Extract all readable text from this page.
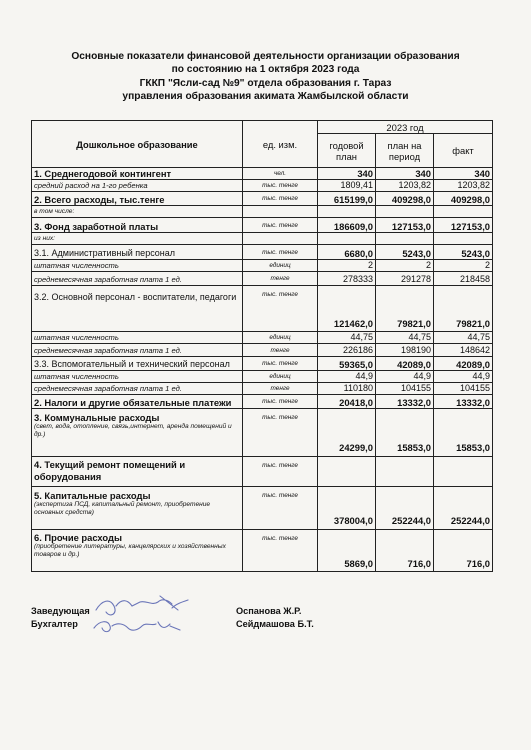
Основные показатели финансовой деятельности организации образования
по состоянию на 1 октября 2023 года
ГККП "Ясли-сад №9" отдела образования г. Тараз
управления образования акимата Жамбылской области
Дошкольное образование	ед. изм.	2023 год		
		годовой план	план на период	факт
1. Среднегодовой контингент	чел.	340	340	340
средний расход на 1-го ребенка	тыс. тенге	1809,41	1203,82	1203,82
2. Всего расходы, тыс.тенге	тыс. тенге	615199,0	409298,0	409298,0
в том числе:				
3. Фонд заработной платы	тыс. тенге	186609,0	127153,0	127153,0
из них:				
3.1. Административный персонал	тыс. тенге	6680,0	5243,0	5243,0
штатная численность	единиц	2	2	2
среднемесячная заработная плата 1 ед.	тенге	278333	291278	218458
3.2. Основной персонал - воспитатели, педагоги	тыс. тенге	121462,0	79821,0	79821,0
штатная численность	единиц	44,75	44,75	44,75
среднемесячная заработная плата 1 ед.	тенге	226186	198190	148642
3.3. Вспомогательный и технический персонал	тыс. тенге	59365,0	42089,0	42089,0
штатная численность	единиц	44,9	44,9	44,9
среднемесячная заработная плата 1 ед.	тенге	110180	104155	104155
2. Налоги и другие обязательные платежи	тыс. тенге	20418,0	13332,0	13332,0
3. Коммунальные расходы
(свет, вода, отопление, связь,интернет, аренда помещений и др.)	тыс. тенге	24299,0	15853,0	15853,0
4. Текущий ремонт помещений и оборудования	тыс. тенге			
5. Капитальные расходы
(экспертиза ПСД, капитальный ремонт, приобретение основных средств)	тыс. тенге	378004,0	252244,0	252244,0
6. Прочие расходы
(приобретение литературы, канцелярских и хозяйственных товаров и др.)	тыс. тенге	5869,0	716,0	716,0
Заведующая
Бухгалтер
Оспанова Ж.Р.
Сейдмашова Б.Т.
